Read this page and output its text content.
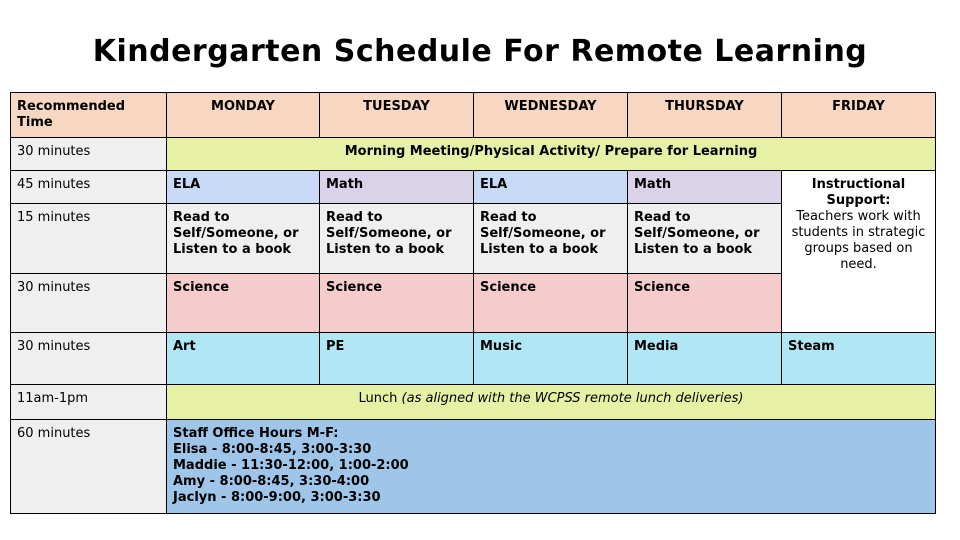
Kindergarten Schedule For Remote Learning
Recommended Time	MONDAY	TUESDAY	WEDNESDAY	THURSDAY	FRIDAY
30 minutes	Morning Meeting/Physical Activity/ Prepare for Learning				
45 minutes	ELA	Math	ELA	Math	Instructional Support:
Teachers work with students in strategic groups based on need.
15 minutes	Read to Self/Someone, or Listen to a book	Read to Self/Someone, or Listen to a book	Read to Self/Someone, or Listen to a book	Read to Self/Someone, or Listen to a book	
30 minutes	Science	Science	Science	Science	
30 minutes	Art	PE	Music	Media	Steam
11am-1pm	Lunch (as aligned with the WCPSS remote lunch deliveries)				
60 minutes	Staff Office Hours M-F:
Elisa - 8:00-8:45, 3:00-3:30
Maddie - 11:30-12:00, 1:00-2:00
Amy - 8:00-8:45, 3:30-4:00
Jaclyn - 8:00-9:00, 3:00-3:30				
